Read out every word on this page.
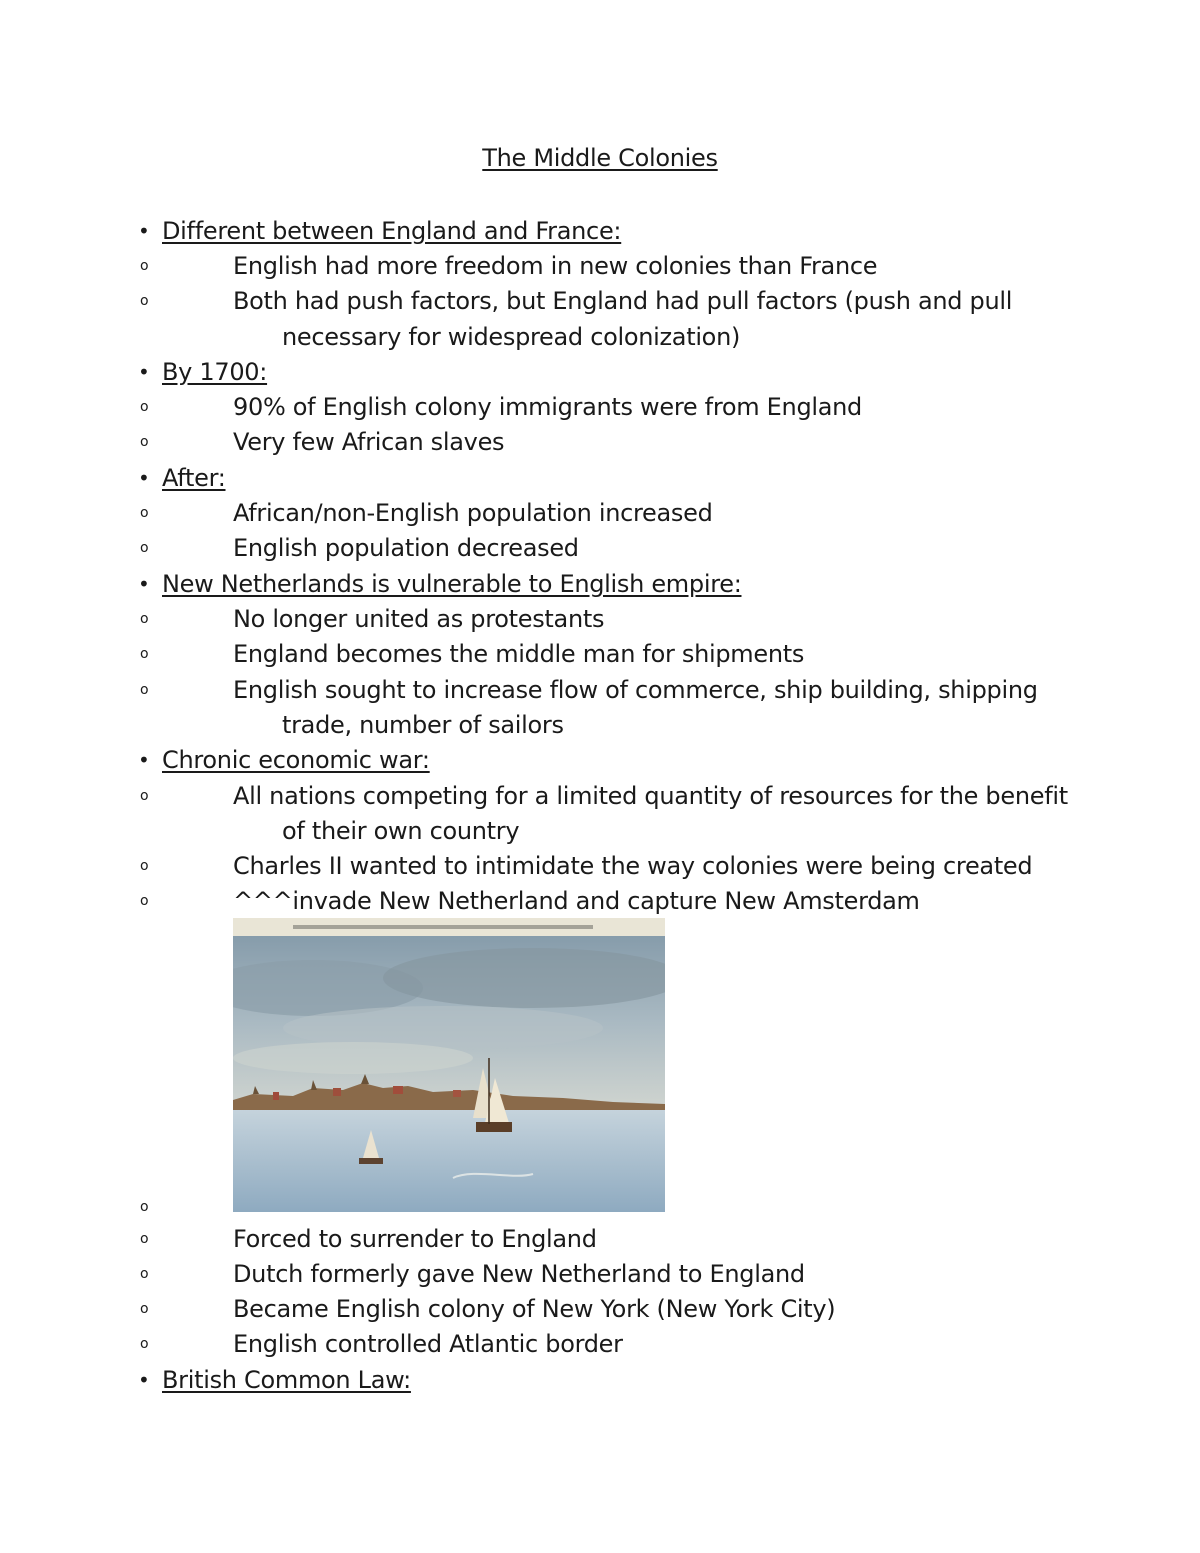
The Middle Colonies
• Different between England and France:
o	English had more freedom in new colonies than France
o	Both had push factors, but England had pull factors (push and pull
necessary for widespread colonization)
• By 1700:
o	90% of English colony immigrants were from England
o	Very few African slaves
• After:
o	African/non-English population increased
o	English population decreased
• New Netherlands is vulnerable to English empire:
o	No longer united as protestants
o	England becomes the middle man for shipments
o	English sought to increase flow of commerce, ship building, shipping
trade, number of sailors
• Chronic economic war:
o	All nations competing for a limited quantity of resources for the benefit
of their own country
o	Charles II wanted to intimidate the way colonies were being created
o	^^^invade New Netherland and capture New Amsterdam
o
o	Forced to surrender to England
o	Dutch formerly gave New Netherland to England
o	Became English colony of New York (New York City)
o	English controlled Atlantic border
• British Common Law:
